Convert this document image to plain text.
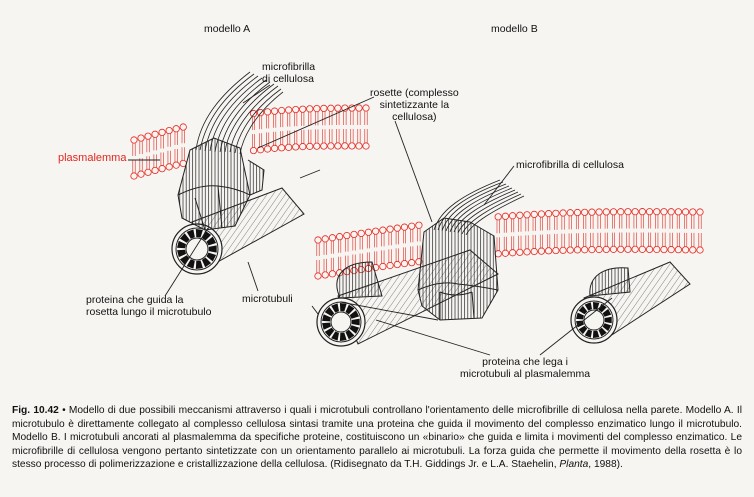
modello A	modello B
microfibrilla
di cellulosa
rosette (complesso
sintetizzante la
cellulosa)
plasmalemma
microfibrilla di cellulosa
proteina che guida la
rosetta lungo il microtubulo
microtubuli
proteina che lega i
microtubuli al plasmalemma
Fig. 10.42 • Modello di due possibili meccanismi attraverso i quali i microtubuli controllano l'orientamento delle microfibrille di cellulosa nella parete. Modello A. Il microtubulo è direttamente collegato al complesso cellulosa sintasi tramite una proteina che guida il movimento del complesso enzimatico lungo il microtubulo. Modello B. I microtubuli ancorati al plasmalemma da specifiche proteine, costituiscono un «binario» che guida e limita i movimenti del complesso enzimatico. Le microfibrille di cellulosa vengono pertanto sintetizzate con un orientamento parallelo ai microtubuli. La forza guida che permette il movimento della rosetta è lo stesso processo di polimerizzazione e cristallizzazione della cellulosa. (Ridisegnato da T.H. Giddings Jr. e L.A. Staehelin, Planta, 1988).
